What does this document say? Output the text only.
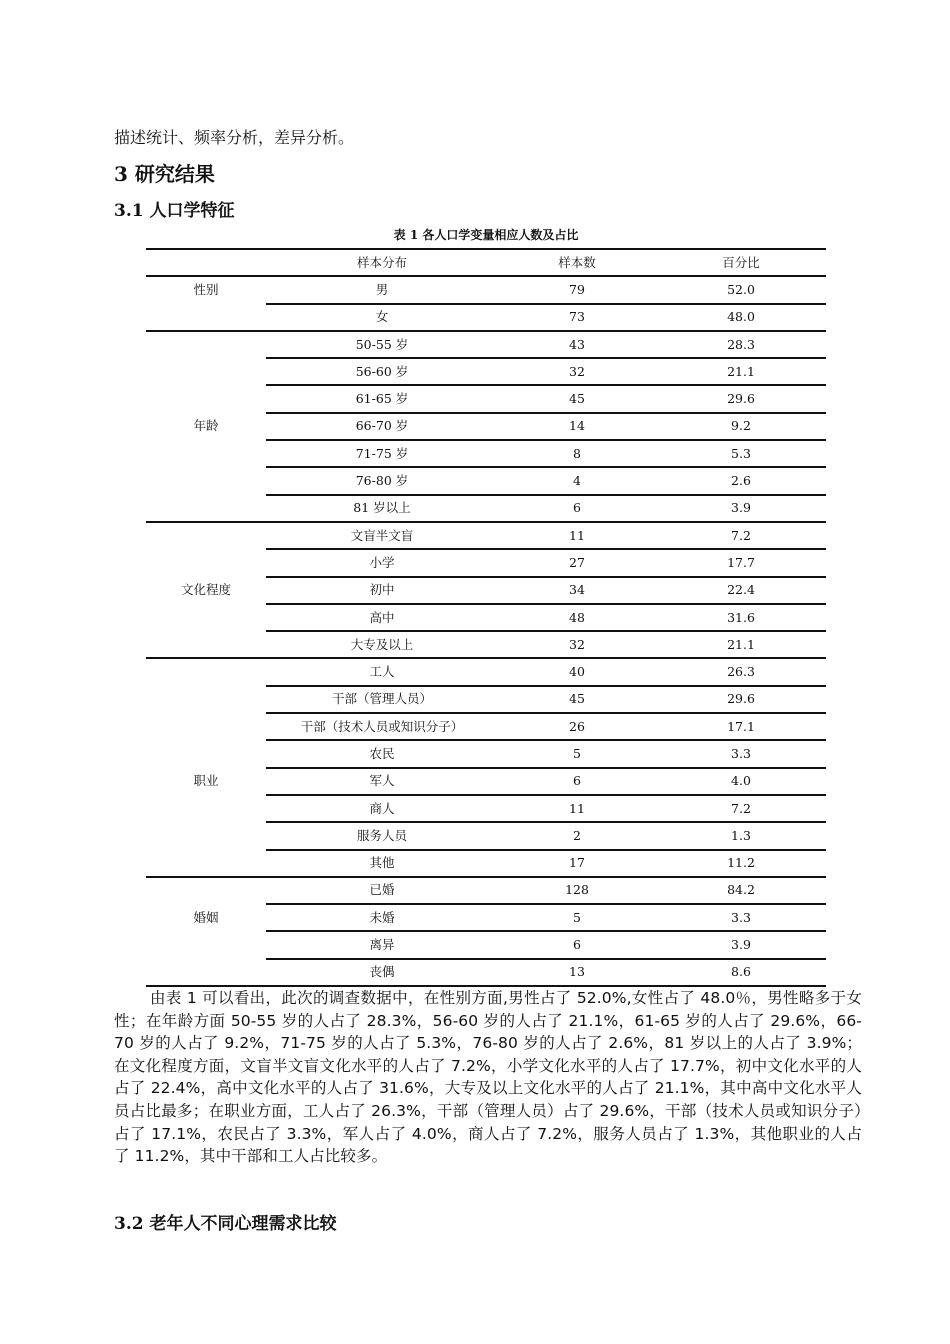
描述统计、频率分析，差异分析。
3 研究结果
3.1 人口学特征
表 1 各人口学变量相应人数及占比
	样本分布	样本数	百分比
性别	男	79	52.0
	女	73	48.0
	50-55 岁	43	28.3
	56-60 岁	32	21.1
	61-65 岁	45	29.6
年龄	66-70 岁	14	9.2
	71-75 岁	8	5.3
	76-80 岁	4	2.6
	81 岁以上	6	3.9
	文盲半文盲	11	7.2
	小学	27	17.7
文化程度	初中	34	22.4
	高中	48	31.6
	大专及以上	32	21.1
	工人	40	26.3
	干部（管理人员）	45	29.6
	干部（技术人员或知识分子）	26	17.1
	农民	5	3.3
职业	军人	6	4.0
	商人	11	7.2
	服务人员	2	1.3
	其他	17	11.2
	已婚	128	84.2
婚姻	未婚	5	3.3
	离异	6	3.9
	丧偶	13	8.6
由表 1 可以看出，此次的调查数据中，在性别方面,男性占了 52.0%,女性占了 48.0％，男性略多于女性；在年龄方面 50-55 岁的人占了 28.3%，56-60 岁的人占了 21.1%，61-65 岁的人占了 29.6%，66-70 岁的人占了 9.2%，71-75 岁的人占了 5.3%，76-80 岁的人占了 2.6%，81 岁以上的人占了 3.9%；在文化程度方面，文盲半文盲文化水平的人占了 7.2%，小学文化水平的人占了 17.7%，初中文化水平的人占了 22.4%，高中文化水平的人占了 31.6%，大专及以上文化水平的人占了 21.1%，其中高中文化水平人员占比最多；在职业方面，工人占了 26.3%，干部（管理人员）占了 29.6%，干部（技术人员或知识分子）占了 17.1%，农民占了 3.3%，军人占了 4.0%，商人占了 7.2%，服务人员占了 1.3%，其他职业的人占了 11.2%，其中干部和工人占比较多。
3.2 老年人不同心理需求比较
